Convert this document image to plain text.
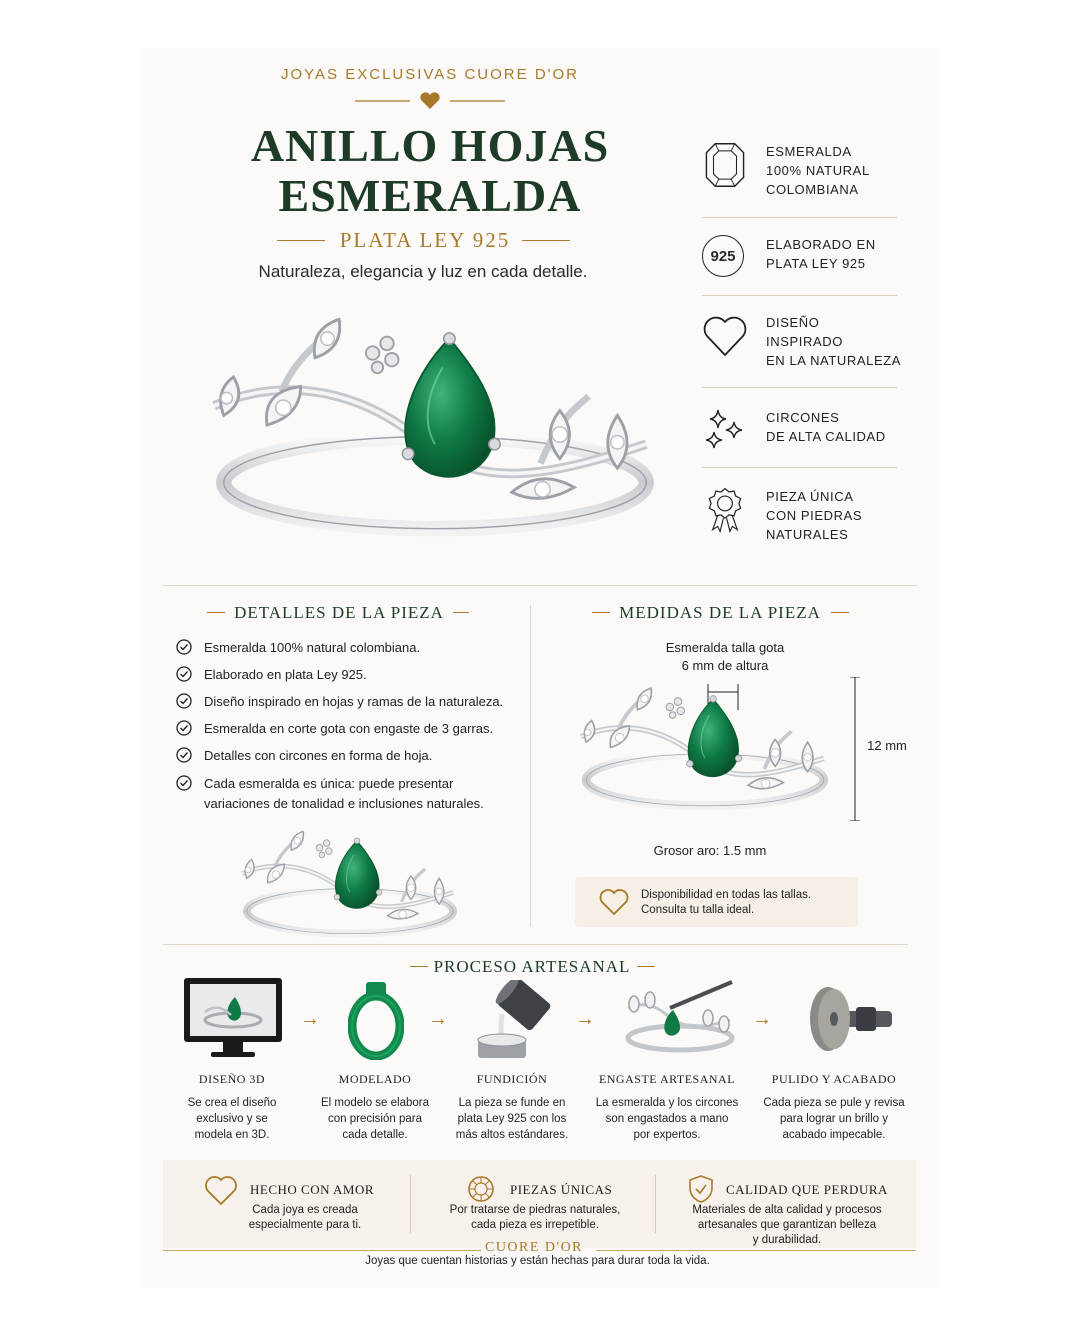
JOYAS EXCLUSIVAS CUORE D'OR
ANILLO HOJAS
ESMERALDA
PLATA LEY 925
Naturaleza, elegancia y luz en cada detalle.
ESMERALDA
100% NATURAL
COLOMBIANA
925
ELABORADO EN
PLATA LEY 925
DISEÑO
INSPIRADO
EN LA NATURALEZA
CIRCONES
DE ALTA CALIDAD
PIEZA ÚNICA
CON PIEDRAS
NATURALES
DETALLES DE LA PIEZA
Esmeralda 100% natural colombiana.
Elaborado en plata Ley 925.
Diseño inspirado en hojas y ramas de la naturaleza.
Esmeralda en corte gota con engaste de 3 garras.
Detalles con circones en forma de hoja.
Cada esmeralda es única: puede presentar variaciones de tonalidad e inclusiones naturales.
MEDIDAS DE LA PIEZA
Esmeralda talla gota
6 mm de altura
12 mm
Grosor aro: 1.5 mm
Disponibilidad en todas las tallas.
Consulta tu talla ideal.
PROCESO ARTESANAL
→	→	→	→
DISEÑO 3D
Se crea el diseño
exclusivo y se
modela en 3D.
MODELADO
El modelo se elabora
con precisión para
cada detalle.
FUNDICIÓN
La pieza se funde en
plata Ley 925 con los
más altos estándares.
ENGASTE ARTESANAL
La esmeralda y los circones
son engastados a mano
por expertos.
PULIDO Y ACABADO
Cada pieza se pule y revisa
para lograr un brillo y
acabado impecable.
HECHO CON AMOR
Cada joya es creada
especialmente para ti.
PIEZAS ÚNICAS
Por tratarse de piedras naturales,
cada pieza es irrepetible.
CALIDAD QUE PERDURA
Materiales de alta calidad y procesos
artesanales que garantizan belleza
y durabilidad.
CUORE D'OR
Joyas que cuentan historias y están hechas para durar toda la vida.
